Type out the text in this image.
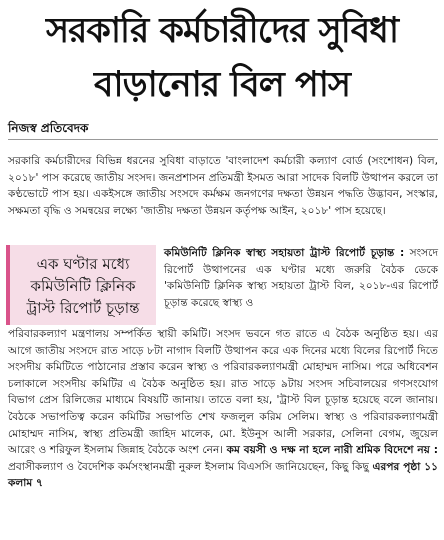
সরকারি কর্মচারীদের সুবিধা
বাড়ানোর বিল পাস
নিজস্ব প্রতিবেদক
সরকারি কর্মচারীদের বিভিন্ন ধরনের সুবিধা বাড়াতে 'বাংলাদেশ কর্মচারী কল্যাণ বোর্ড (সংশোধন) বিল, ২০১৮' পাস করেছে জাতীয় সংসদ। জনপ্রশাসন প্রতিমন্ত্রী ইসমত আরা সাদেক বিলটি উত্থাপন করলে তা কণ্ঠভোটে পাস হয়। একইসঙ্গে জাতীয় সংসদে কর্মক্ষম জনগণের দক্ষতা উন্নয়ন পদ্ধতি উদ্ভাবন, সংস্কার, সক্ষমতা বৃদ্ধি ও সমন্বয়ের লক্ষ্যে 'জাতীয় দক্ষতা উন্নয়ন কর্তৃপক্ষ আইন, ২০১৮' পাস হয়েছে।
এক ঘণ্টার মধ্যে কমিউনিটি ক্লিনিক ট্রাস্ট রিপোর্ট চূড়ান্ত
কমিউনিটি ক্লিনিক স্বাস্থ্য সহায়তা ট্রাস্ট রিপোর্ট চূড়ান্ত : সংসদে রিপোর্ট উত্থাপনের এক ঘণ্টার মধ্যে জরুরি বৈঠক ডেকে 'কমিউনিটি ক্লিনিক স্বাস্থ্য সহায়তা ট্রাস্ট বিল, ২০১৮-এর রিপোর্ট চূড়ান্ত করেছে স্বাস্থ্য ও
পরিবারকল্যাণ মন্ত্রণালয় সম্পর্কিত স্থায়ী কমিটি। সংসদ ভবনে গত রাতে এ বৈঠক অনুষ্ঠিত হয়। এর আগে জাতীয় সংসদে রাত সাড়ে ৮টা নাগাদ বিলটি উত্থাপন করে এক দিনের মধ্যে বিলের রিপোর্ট দিতে সংসদীয় কমিটিতে পাঠানোর প্রস্তাব করেন স্বাস্থ্য ও পরিবারকল্যাণমন্ত্রী মোহাম্মদ নাসিম। পরে অধিবেশন চলাকালে সংসদীয় কমিটির এ বৈঠক অনুষ্ঠিত হয়। রাত সাড়ে ৯টায় সংসদ সচিবালয়ের গণসংযোগ বিভাগ প্রেস রিলিজের মাধ্যমে বিষয়টি জানায়। তাতে বলা হয়, 'ট্রাস্ট বিল চূড়ান্ত হয়েছে বলে জানায়। বৈঠকে সভাপতিত্ব করেন কমিটির সভাপতি শেখ ফজলুল করিম সেলিম। স্বাস্থ্য ও পরিবারকল্যাণমন্ত্রী মোহাম্মদ নাসিম, স্বাস্থ্য প্রতিমন্ত্রী জাহিদ মালেক, মো. ইউনুস আলী সরকার, সেলিনা বেগম, জুয়েল আরেং ও শরিফুল ইসলাম জিন্নাহ বৈঠকে অংশ নেন। কম বয়সী ও দক্ষ না হলে নারী শ্রমিক বিদেশে নয় : প্রবাসীকল্যাণ ও বৈদেশিক কর্মসংস্থানমন্ত্রী নুরুল ইসলাম বিএসসি জানিয়েছেন, কিছু কিছু এরপর পৃষ্ঠা ১১ কলাম ৭
